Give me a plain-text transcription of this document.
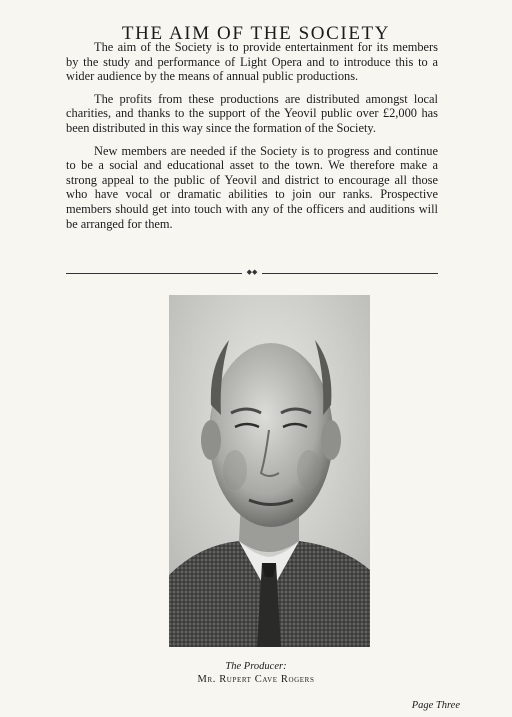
THE AIM OF THE SOCIETY

The aim of the Society is to provide entertainment for its members by the study and performance of Light Opera and to introduce this to a wider audience by the means of annual public productions.

The profits from these productions are distributed amongst local charities, and thanks to the support of the Yeovil public over £2,000 has been distributed in this way since the formation of the Society.

New members are needed if the Society is to progress and continue to be a social and educational asset to the town. We therefore make a strong appeal to the public of Yeovil and district to encourage all those who have vocal or dramatic abilities to join our ranks. Prospective members should get into touch with any of the officers and auditions will be arranged for them.

◆◆
The Producer:
Mr. Rupert Cave Rogers
Page Three
